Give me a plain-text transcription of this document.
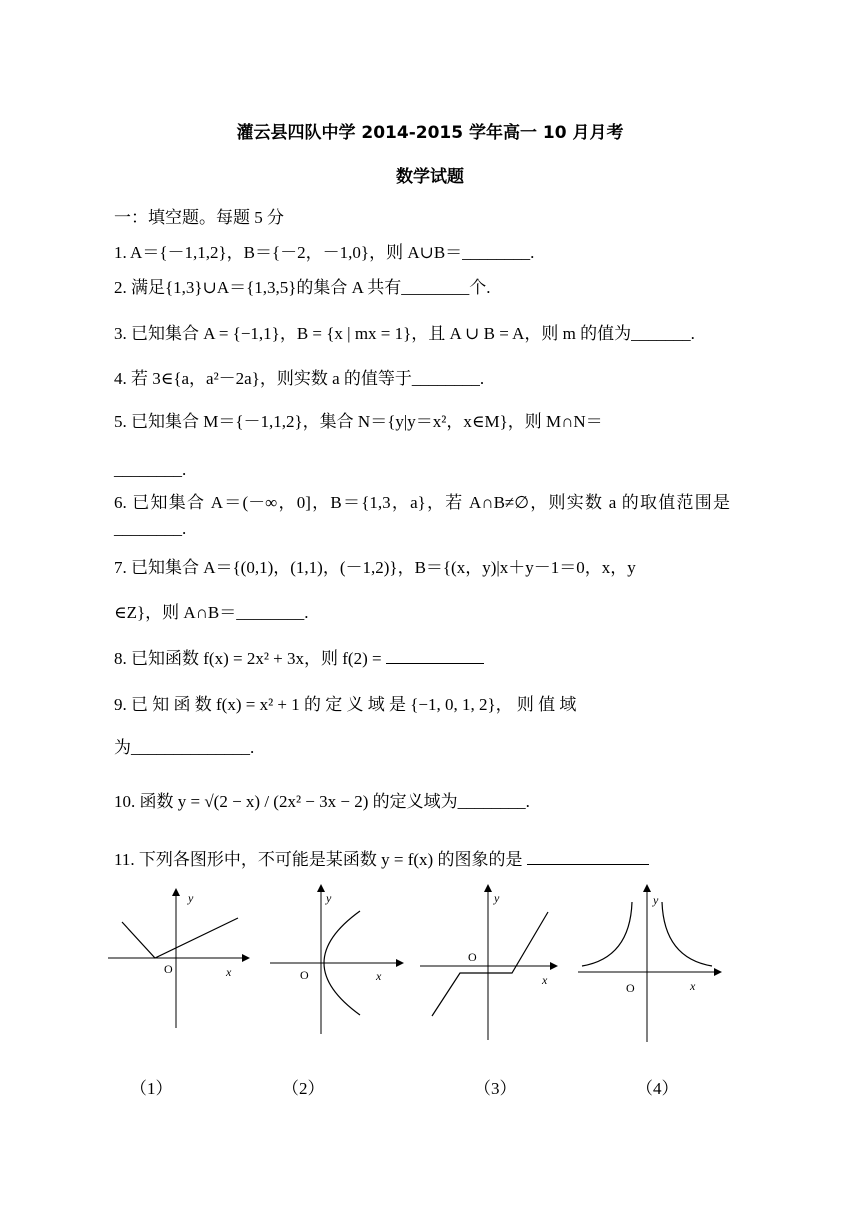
灌云县四队中学 2014-2015 学年高一 10 月月考
数学试题
一：填空题。每题 5 分
1. A＝{－1,1,2}，B＝{－2，－1,0}，则 A∪B＝________.
2. 满足{1,3}∪A＝{1,3,5}的集合 A 共有________个.
3. 已知集合 A = {−1,1}，B = {x | mx = 1}，且 A ∪ B = A，则 m 的值为_______.
4. 若 3∈{a，a²－2a}，则实数 a 的值等于________.
5. 已知集合 M＝{－1,1,2}，集合 N＝{y|y＝x²，x∈M}，则 M∩N＝
________.
6. 已知集合 A＝(－∞，0]，B＝{1,3，a}，若 A∩B≠∅，则实数 a 的取值范围是________.
7. 已知集合 A＝{(0,1)，(1,1)，(－1,2)}，B＝{(x，y)|x＋y－1＝0，x，y
∈Z}，则 A∩B＝________.
8. 已知函数 f(x) = 2x² + 3x，则 f(2) =
9. 已 知 函 数 f(x) = x² + 1 的 定 义 域 是 {−1, 0, 1, 2}， 则 值 域
为______________.
10. 函数 y = √(2 − x) / (2x² − 3x − 2) 的定义域为________.
11. 下列各图形中，不可能是某函数 y = f(x) 的图象的是
y
O	x
（1）
y
O	x
（2）
y
O
x
（3）
y
O	x
（4）
